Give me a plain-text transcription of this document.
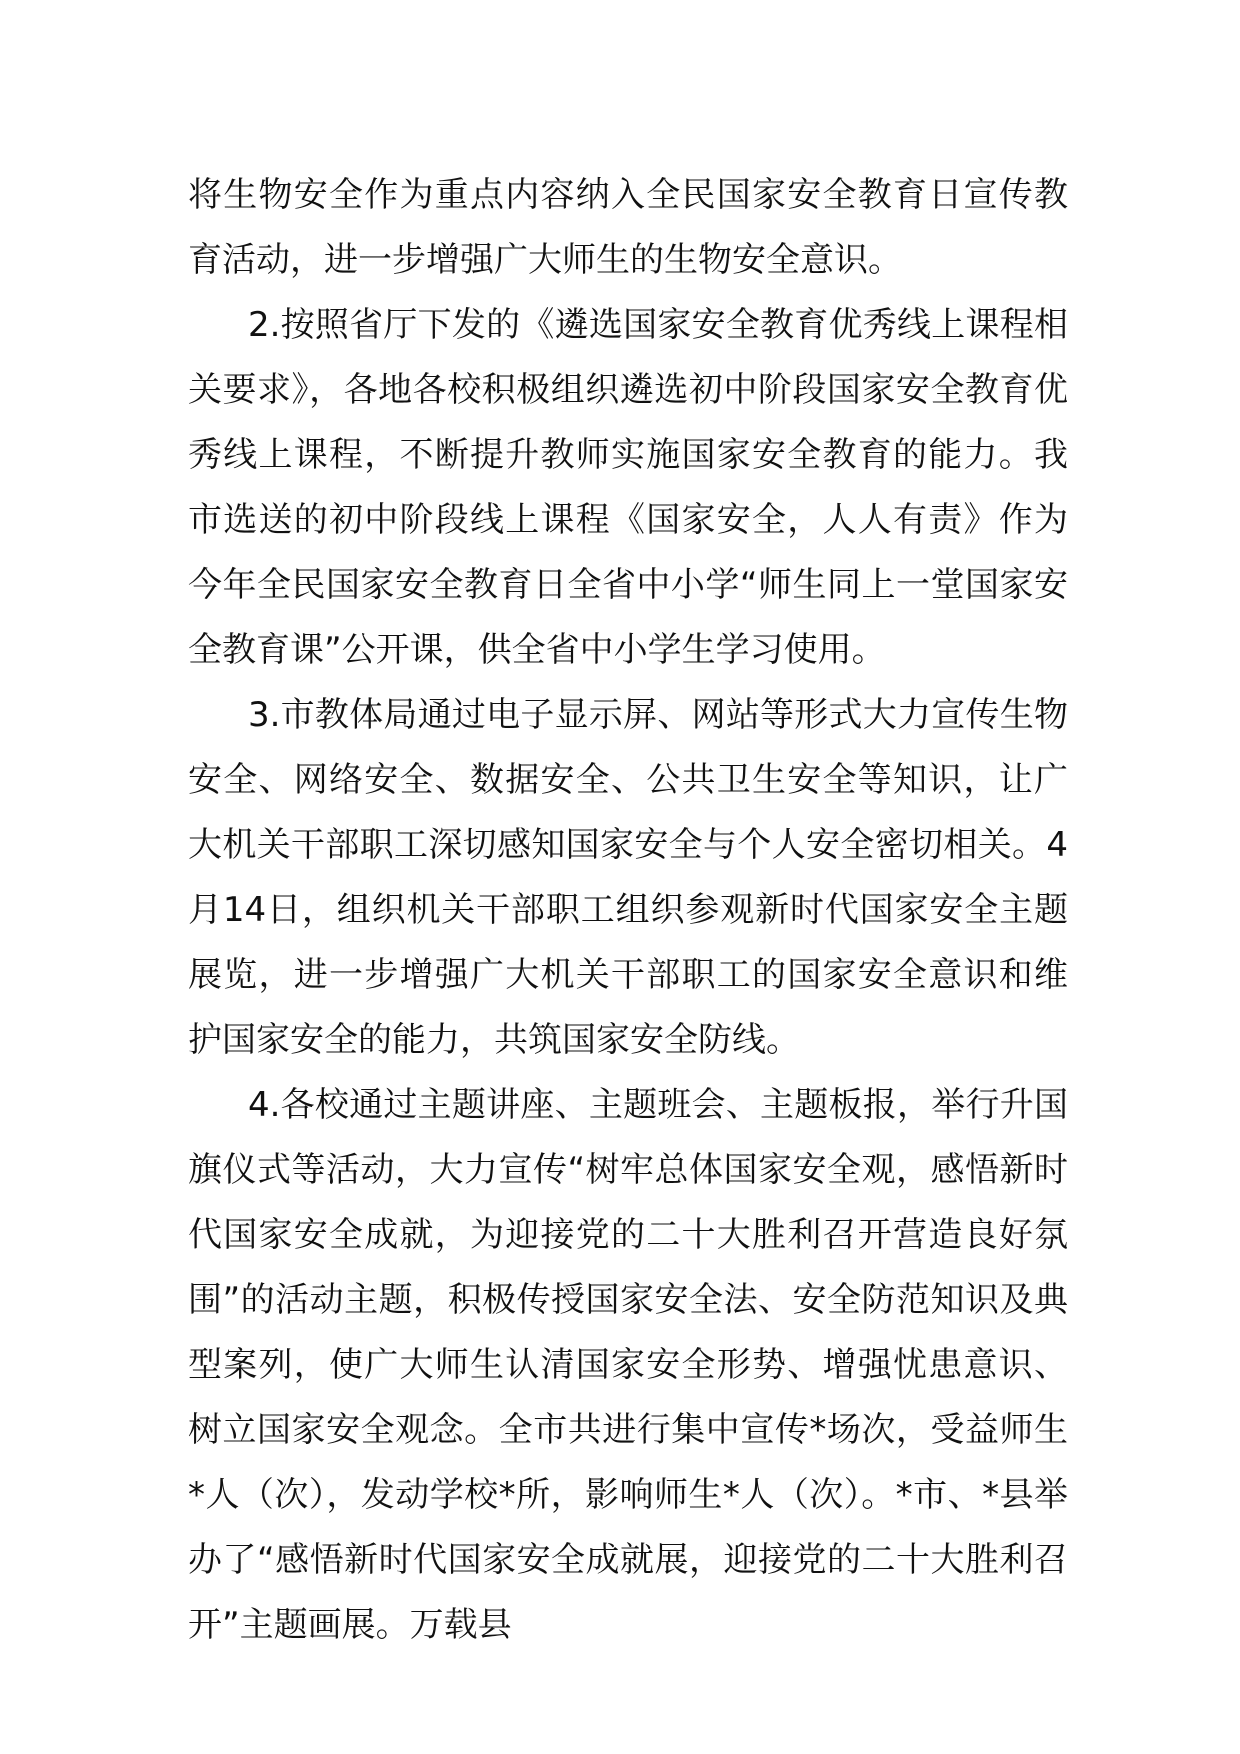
将生物安全作为重点内容纳入全民国家安全教育日宣传教育活动，进一步增强广大师生的生物安全意识。

2.按照省厅下发的《遴选国家安全教育优秀线上课程相关要求》，各地各校积极组织遴选初中阶段国家安全教育优秀线上课程，不断提升教师实施国家安全教育的能力。我市选送的初中阶段线上课程《国家安全，人人有责》作为今年全民国家安全教育日全省中小学“师生同上一堂国家安全教育课”公开课，供全省中小学生学习使用。

3.市教体局通过电子显示屏、网站等形式大力宣传生物安全、网络安全、数据安全、公共卫生安全等知识，让广大机关干部职工深切感知国家安全与个人安全密切相关。4月14日，组织机关干部职工组织参观新时代国家安全主题展览，进一步增强广大机关干部职工的国家安全意识和维护国家安全的能力，共筑国家安全防线。

4.各校通过主题讲座、主题班会、主题板报，举行升国旗仪式等活动，大力宣传“树牢总体国家安全观，感悟新时代国家安全成就，为迎接党的二十大胜利召开营造良好氛围”的活动主题，积极传授国家安全法、安全防范知识及典型案列，使广大师生认清国家安全形势、增强忧患意识、树立国家安全观念。全市共进行集中宣传*场次，受益师生*人（次），发动学校*所，影响师生*人（次）。*市、*县举办了“感悟新时代国家安全成就展，迎接党的二十大胜利召开”主题画展。万载县
